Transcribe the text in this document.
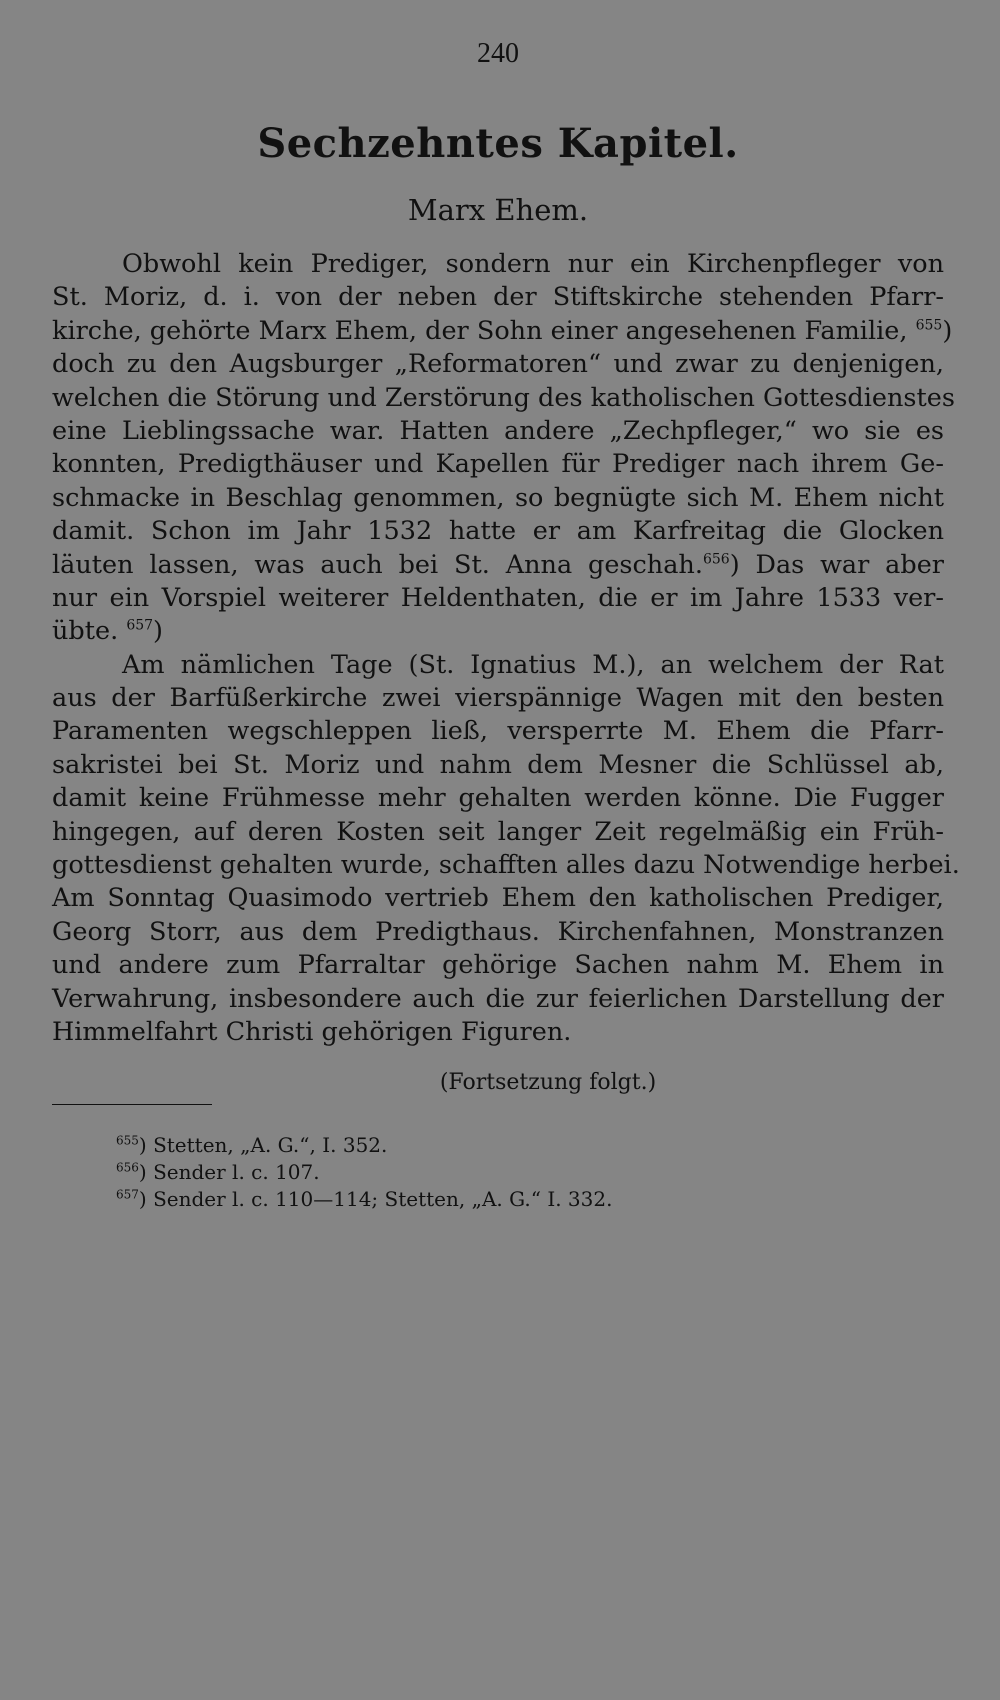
240
Sechzehntes Kapitel.
Marx Ehem.
Obwohl kein Prediger, sondern nur ein Kirchenpfleger von
St. Moriz, d. i. von der neben der Stiftskirche stehenden Pfarr-
kirche, gehörte Marx Ehem, der Sohn einer angesehenen Familie, $^{655}$)
doch zu den Augsburger „Reformatoren“ und zwar zu denjenigen,
welchen die Störung und Zerstörung des katholischen Gottesdienstes
eine Lieblingssache war. Hatten andere „Zechpfleger,“ wo sie es
konnten, Predigthäuser und Kapellen für Prediger nach ihrem Ge-
schmacke in Beschlag genommen, so begnügte sich M. Ehem nicht
damit. Schon im Jahr 1532 hatte er am Karfreitag die Glocken
läuten lassen, was auch bei St. Anna geschah.$^{656}$) Das war aber
nur ein Vorspiel weiterer Heldenthaten, die er im Jahre 1533 ver-
übte. $^{657}$)
Am nämlichen Tage (St. Ignatius M.), an welchem der Rat
aus der Barfüßerkirche zwei vierspännige Wagen mit den besten
Paramenten wegschleppen ließ, versperrte M. Ehem die Pfarr-
sakristei bei St. Moriz und nahm dem Mesner die Schlüssel ab,
damit keine Frühmesse mehr gehalten werden könne. Die Fugger
hingegen, auf deren Kosten seit langer Zeit regelmäßig ein Früh-
gottesdienst gehalten wurde, schafften alles dazu Notwendige herbei.
Am Sonntag Quasimodo vertrieb Ehem den katholischen Prediger,
Georg Storr, aus dem Predigthaus. Kirchenfahnen, Monstranzen
und andere zum Pfarraltar gehörige Sachen nahm M. Ehem in
Verwahrung, insbesondere auch die zur feierlichen Darstellung der
Himmelfahrt Christi gehörigen Figuren.
(Fortsetzung folgt.)
$^{655}$) Stetten, „A. G.“, I. 352.
$^{656}$) Sender l. c. 107.
$^{657}$) Sender l. c. 110—114; Stetten, „A. G.“ I. 332.
